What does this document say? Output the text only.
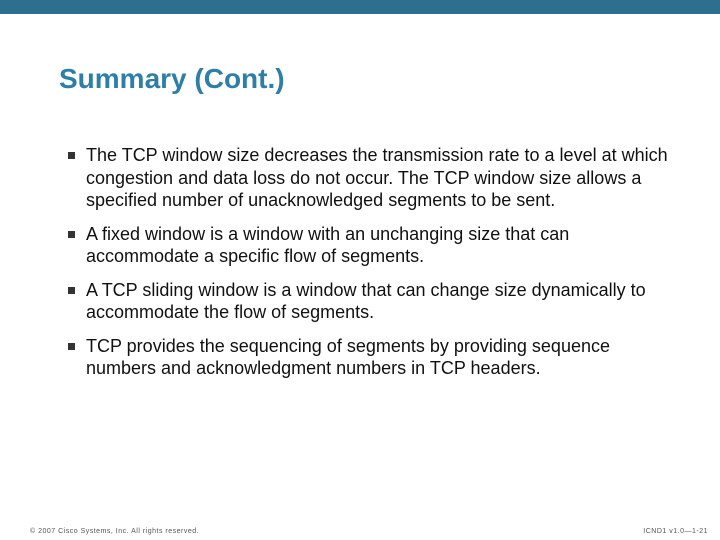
Summary (Cont.)
The TCP window size decreases the transmission rate to a level at which congestion and data loss do not occur. The TCP window size allows a specified number of unacknowledged segments to be sent.
A fixed window is a window with an unchanging size that can accommodate a specific flow of segments.
A TCP sliding window is a window that can change size dynamically to accommodate the flow of segments.
TCP provides the sequencing of segments by providing sequence numbers and acknowledgment numbers in TCP headers.
© 2007 Cisco Systems, Inc. All rights reserved.	ICND1 v1.0—1-21
